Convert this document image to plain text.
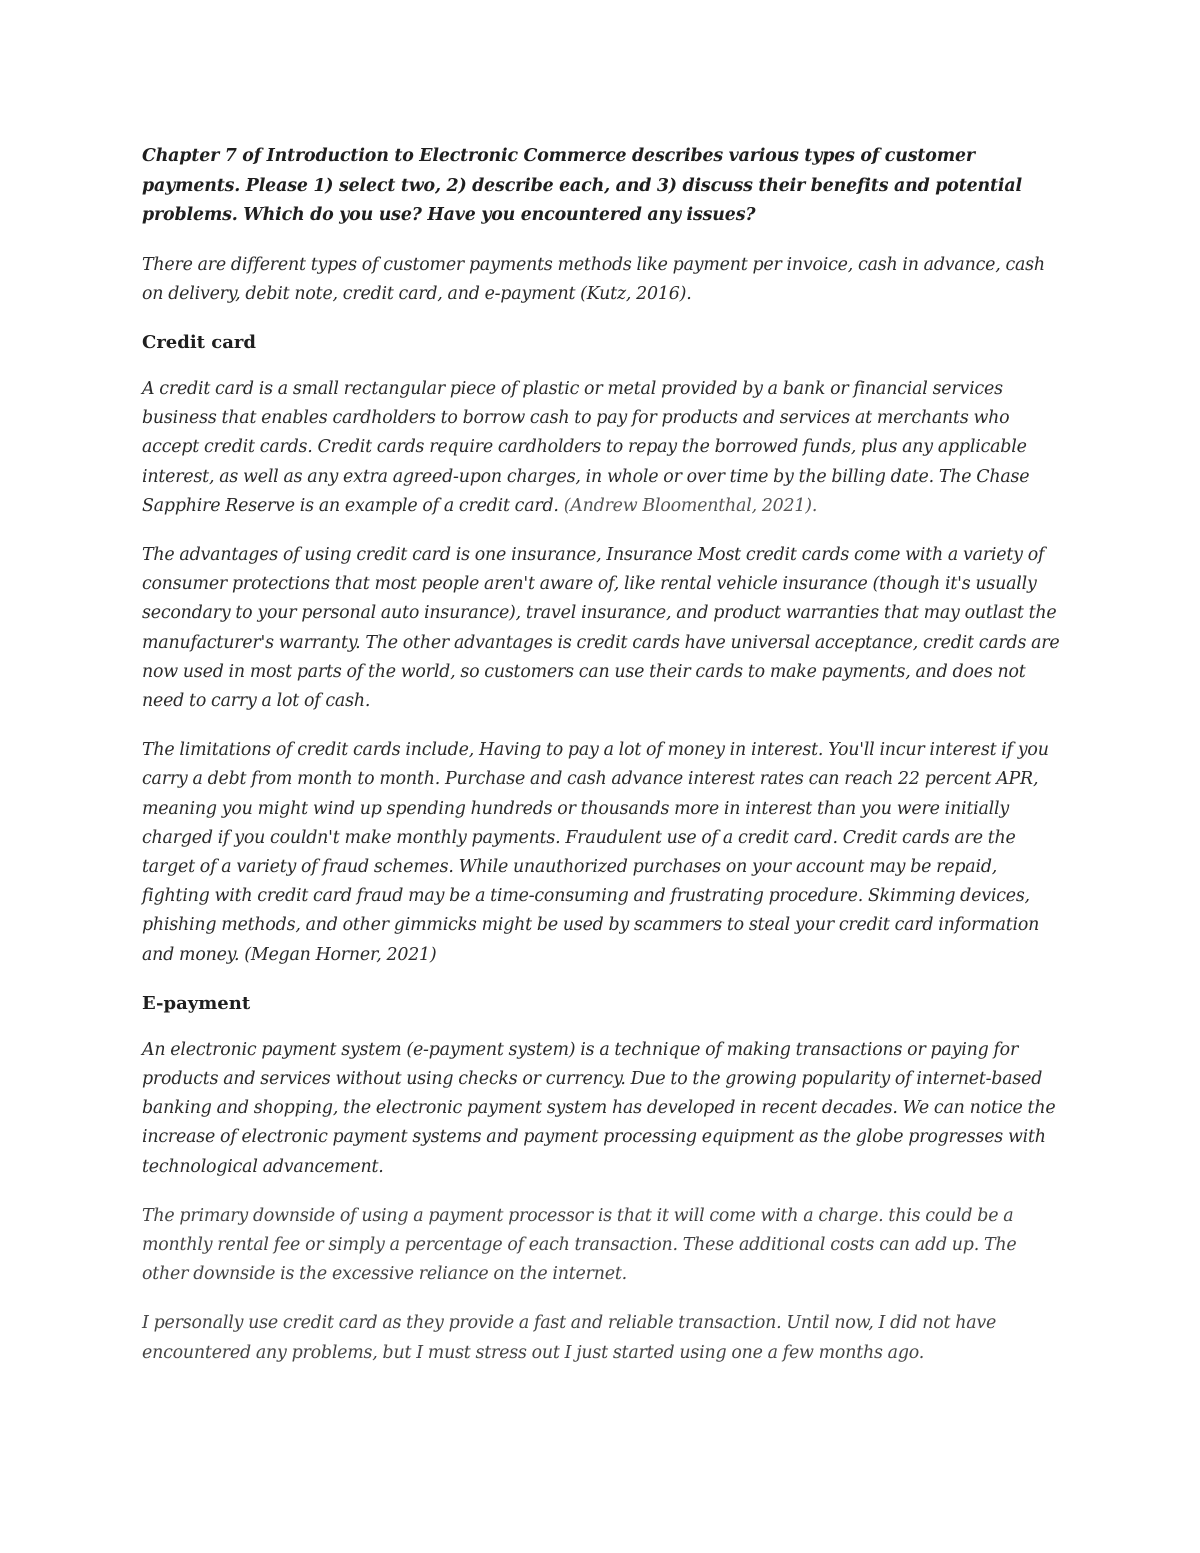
Chapter 7 of Introduction to Electronic Commerce describes various types of customer payments. Please 1) select two, 2) describe each, and 3) discuss their benefits and potential problems. Which do you use? Have you encountered any issues?

There are different types of customer payments methods like payment per invoice, cash in advance, cash on delivery, debit note, credit card, and e-payment (Kutz, 2016).

Credit card

A credit card is a small rectangular piece of plastic or metal provided by a bank or financial services business that enables cardholders to borrow cash to pay for products and services at merchants who accept credit cards. Credit cards require cardholders to repay the borrowed funds, plus any applicable interest, as well as any extra agreed-upon charges, in whole or over time by the billing date. The Chase Sapphire Reserve is an example of a credit card. (Andrew Bloomenthal, 2021).

The advantages of using credit card is one insurance, Insurance Most credit cards come with a variety of consumer protections that most people aren't aware of, like rental vehicle insurance (though it's usually secondary to your personal auto insurance), travel insurance, and product warranties that may outlast the manufacturer's warranty. The other advantages is credit cards have universal acceptance, credit cards are now used in most parts of the world, so customers can use their cards to make payments, and does not need to carry a lot of cash.

The limitations of credit cards include, Having to pay a lot of money in interest. You'll incur interest if you carry a debt from month to month. Purchase and cash advance interest rates can reach 22 percent APR, meaning you might wind up spending hundreds or thousands more in interest than you were initially charged if you couldn't make monthly payments. Fraudulent use of a credit card. Credit cards are the target of a variety of fraud schemes. While unauthorized purchases on your account may be repaid, fighting with credit card fraud may be a time-consuming and frustrating procedure. Skimming devices, phishing methods, and other gimmicks might be used by scammers to steal your credit card information and money. (Megan Horner, 2021)

E-payment

An electronic payment system (e-payment system) is a technique of making transactions or paying for products and services without using checks or currency. Due to the growing popularity of internet-based banking and shopping, the electronic payment system has developed in recent decades. We can notice the increase of electronic payment systems and payment processing equipment as the globe progresses with technological advancement.

The primary downside of using a payment processor is that it will come with a charge. this could be a monthly rental fee or simply a percentage of each transaction. These additional costs can add up. The other downside is the excessive reliance on the internet.

I personally use credit card as they provide a fast and reliable transaction. Until now, I did not have encountered any problems, but I must stress out I just started using one a few months ago.
